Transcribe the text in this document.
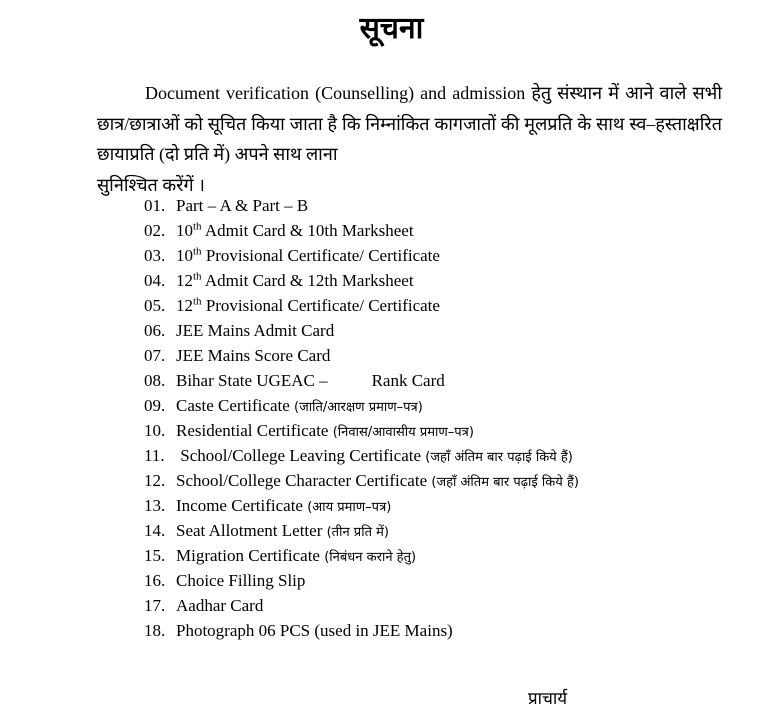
सूचना
Document verification (Counselling) and admission हेतु संस्थान में आने वाले सभी छात्र/छात्राओं को सूचित किया जाता है कि निम्नांकित कागजातों की मूलप्रति के साथ स्व–हस्ताक्षरित छायाप्रति (दो प्रति में) अपने साथ लाना
सुनिश्चित करेंगें ।
01. Part – A & Part – B
02. 10th Admit Card & 10th Marksheet
03. 10th Provisional Certificate/ Certificate
04. 12th Admit Card & 12th Marksheet
05. 12th Provisional Certificate/ Certificate
06. JEE Mains Admit Card
07. JEE Mains Score Card
08. Bihar State UGEAC –	Rank Card
09. Caste Certificate (जाति/आरक्षण प्रमाण–पत्र)
10. Residential Certificate (निवास/आवासीय प्रमाण–पत्र)
11. School/College Leaving Certificate (जहाँ अंतिम बार पढ़ाई किये हैं)
12. School/College Character Certificate (जहाँ अंतिम बार पढ़ाई किये हैं)
13. Income Certificate (आय प्रमाण–पत्र)
14. Seat Allotment Letter (तीन प्रति में)
15. Migration Certificate (निबंधन कराने हेतु)
16. Choice Filling Slip
17. Aadhar Card
18. Photograph 06 PCS (used in JEE Mains)
प्राचार्य
